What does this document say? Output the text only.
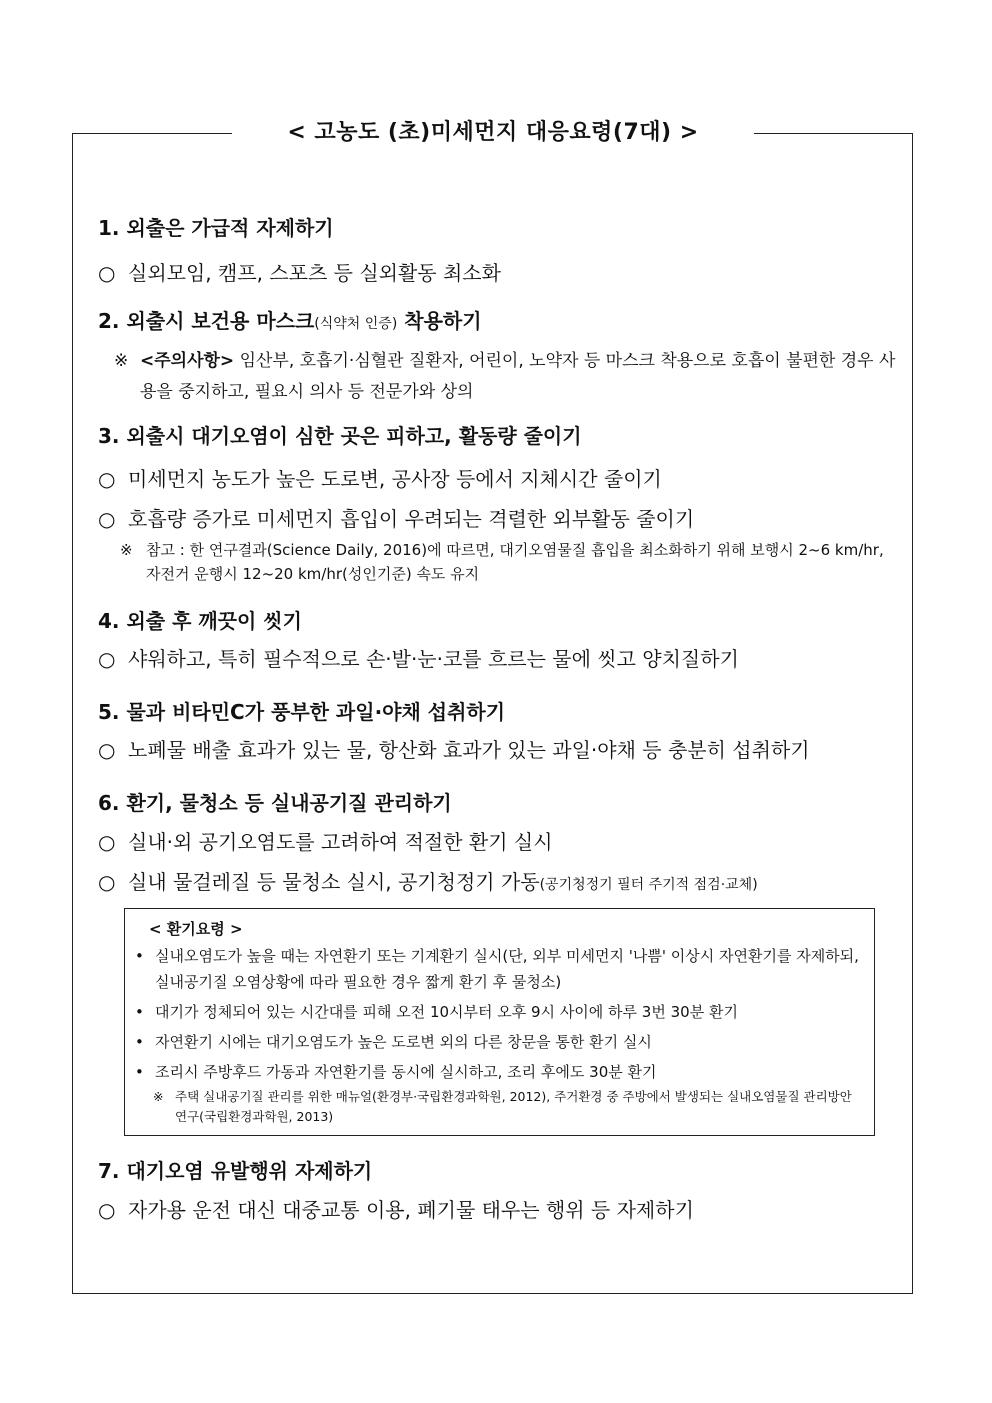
< 고농도 (초)미세먼지 대응요령(7대) >

1. 외출은 가급적 자제하기

○ 실외모임, 캠프, 스포츠 등 실외활동 최소화

2. 외출시 보건용 마스크(식약처 인증) 착용하기

※ <주의사항> 임산부, 호흡기·심혈관 질환자, 어린이, 노약자 등 마스크 착용으로 호흡이 불편한 경우 사용을 중지하고, 필요시 의사 등 전문가와 상의

3. 외출시 대기오염이 심한 곳은 피하고, 활동량 줄이기

○ 미세먼지 농도가 높은 도로변, 공사장 등에서 지체시간 줄이기

○ 호흡량 증가로 미세먼지 흡입이 우려되는 격렬한 외부활동 줄이기

※ 참고 : 한 연구결과(Science Daily, 2016)에 따르면, 대기오염물질 흡입을 최소화하기 위해 보행시 2~6 km/hr, 자전거 운행시 12~20 km/hr(성인기준) 속도 유지

4. 외출 후 깨끗이 씻기

○ 샤워하고, 특히 필수적으로 손·발·눈·코를 흐르는 물에 씻고 양치질하기

5. 물과 비타민C가 풍부한 과일·야채 섭취하기

○ 노폐물 배출 효과가 있는 물, 항산화 효과가 있는 과일·야채 등 충분히 섭취하기

6. 환기, 물청소 등 실내공기질 관리하기

○ 실내·외 공기오염도를 고려하여 적절한 환기 실시

○ 실내 물걸레질 등 물청소 실시, 공기청정기 가동(공기청정기 필터 주기적 점검·교체)

< 환기요령 >

• 실내오염도가 높을 때는 자연환기 또는 기계환기 실시(단, 외부 미세먼지 '나쁨' 이상시 자연환기를 자제하되, 실내공기질 오염상황에 따라 필요한 경우 짧게 환기 후 물청소)

• 대기가 정체되어 있는 시간대를 피해 오전 10시부터 오후 9시 사이에 하루 3번 30분 환기

• 자연환기 시에는 대기오염도가 높은 도로변 외의 다른 창문을 통한 환기 실시

• 조리시 주방후드 가동과 자연환기를 동시에 실시하고, 조리 후에도 30분 환기

※ 주택 실내공기질 관리를 위한 매뉴얼(환경부·국립환경과학원, 2012), 주거환경 중 주방에서 발생되는 실내오염물질 관리방안 연구(국립환경과학원, 2013)

7. 대기오염 유발행위 자제하기

○ 자가용 운전 대신 대중교통 이용, 폐기물 태우는 행위 등 자제하기
